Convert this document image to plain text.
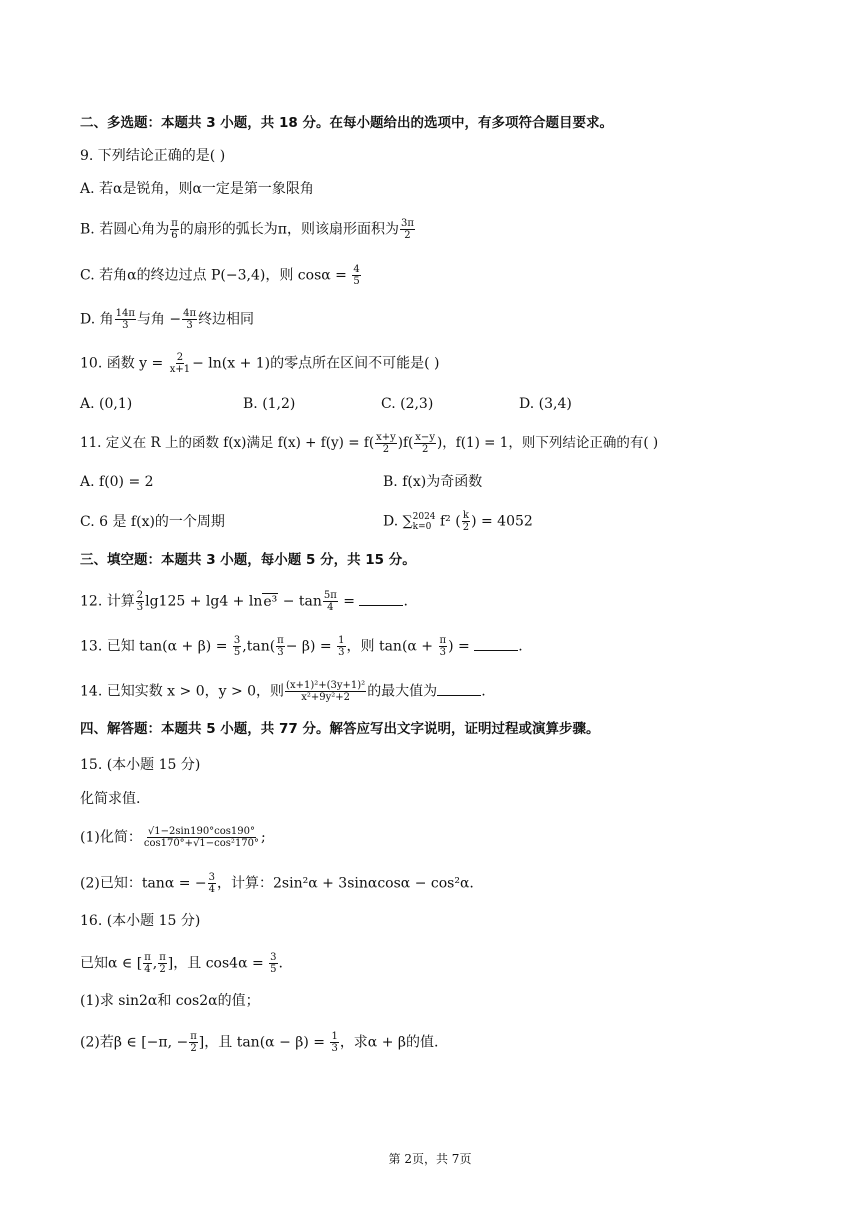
二、多选题：本题共 3 小题，共 18 分。在每小题给出的选项中，有多项符合题目要求。
9. 下列结论正确的是( )
A. 若α是锐角，则α一定是第一象限角
B. 若圆心角为 $\frac{\pi}{6}$ 的扇形的弧长为π，则该扇形面积为 $\frac{3\pi}{2}$
C. 若角α的终边过点 P(−3,4)，则 $\cos\alpha = \frac{4}{5}$
D. 角 $\frac{14\pi}{3}$ 与角 − $\frac{4\pi}{3}$ 终边相同
10. 函数 $y = \frac{2}{x+1} - \ln(x + 1)$的零点所在区间不可能是( )
A. (0,1)	B. (1,2)	C. (2,3)	D. (3,4)
11. 定义在 R 上的函数 f(x)满足 $f(x) + f(y) = f( \frac{x+y}{2} )f( \frac{x-y}{2}$ )，f(1) = 1，则下列结论正确的有( )
A. f(0) = 2	B. f(x)为奇函数
C. 6 是 f(x)的一个周期	D. ∑ 2024
k=0 f² ( $\frac{k}{2}$ ) = 4052
三、填空题：本题共 3 小题，每小题 5 分，共 15 分。
12. 计算 $\frac{2}{3} \lg 125 + \lg 4 + \ln e^3 - \tan \frac{5\pi}{4}$ =	.
13. 已知 $\tan(\alpha + \beta) = \frac{3}{5} ,\tan( \frac{\pi}{3} - \beta) = \frac{1}{3}$ ，则 $\tan(\alpha + \frac{\pi}{3}$ ) =	.
14. 已知实数 x > 0，y > 0，则 $\frac{\text{(x+1)²+(3y+1)²}}{\text{x²+9y²+2}}$ 的最大值为	.
四、解答题：本题共 5 小题，共 77 分。解答应写出文字说明，证明过程或演算步骤。
15. (本小题 15 分)
化简求值.
(1)化简： $\frac{√1-2\sin 190^\circ\cos 190^\circ}{\text{cos170°+√1−cos²170°}}$ ;
(2)已知：tanα = − $\frac{3}{4}$ ，计算：2sin²α + 3sinαcosα − cos²α.
16. (本小题 15 分)
已知α ∈ [ $\frac{\pi}{4}$ , $\frac{\pi}{2}$ ]，且 $\cos 4\alpha = \frac{3}{5}$ .
(1)求 sin2α和 cos2α的值；
(2)若β ∈ [−π, − $\frac{\pi}{2}$ ]，且 $\tan(\alpha - \beta) = \frac{1}{3}$ ，求α + β的值.
第 2页，共 7页
